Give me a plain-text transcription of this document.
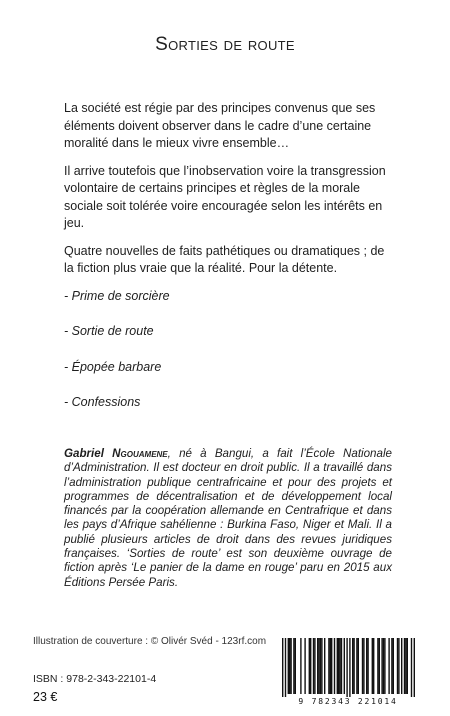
Sorties de route

La société est régie par des principes convenus que ses éléments doivent observer dans le cadre d’une certaine moralité dans le mieux vivre ensemble…

Il arrive toutefois que l’inobservation voire la transgression volontaire de certains principes et règles de la morale sociale soit tolérée voire encouragée selon les intérêts en jeu.

Quatre nouvelles de faits pathétiques ou dramatiques ; de la fiction plus vraie que la réalité. Pour la détente.

- Prime de sorcière

- Sortie de route

- Épopée barbare

- Confessions

Gabriel Ngouamene, né à Bangui, a fait l’École Nationale d’Administration. Il est docteur en droit public. Il a travaillé dans l’administration publique centrafricaine et pour des projets et programmes de décentralisation et de développement local financés par la coopération allemande en Centrafrique et dans les pays d’Afrique sahélienne : Burkina Faso, Niger et Mali. Il a publié plusieurs articles de droit dans des revues juridiques françaises. ‘Sorties de route’ est son deuxième ouvrage de fiction après ‘Le panier de la dame en rouge’ paru en 2015 aux Éditions Persée Paris.
Illustration de couverture : © Olivér Svéd - 123rf.com
ISBN : 978-2-343-22101-4
23 €	9 782343 221014
